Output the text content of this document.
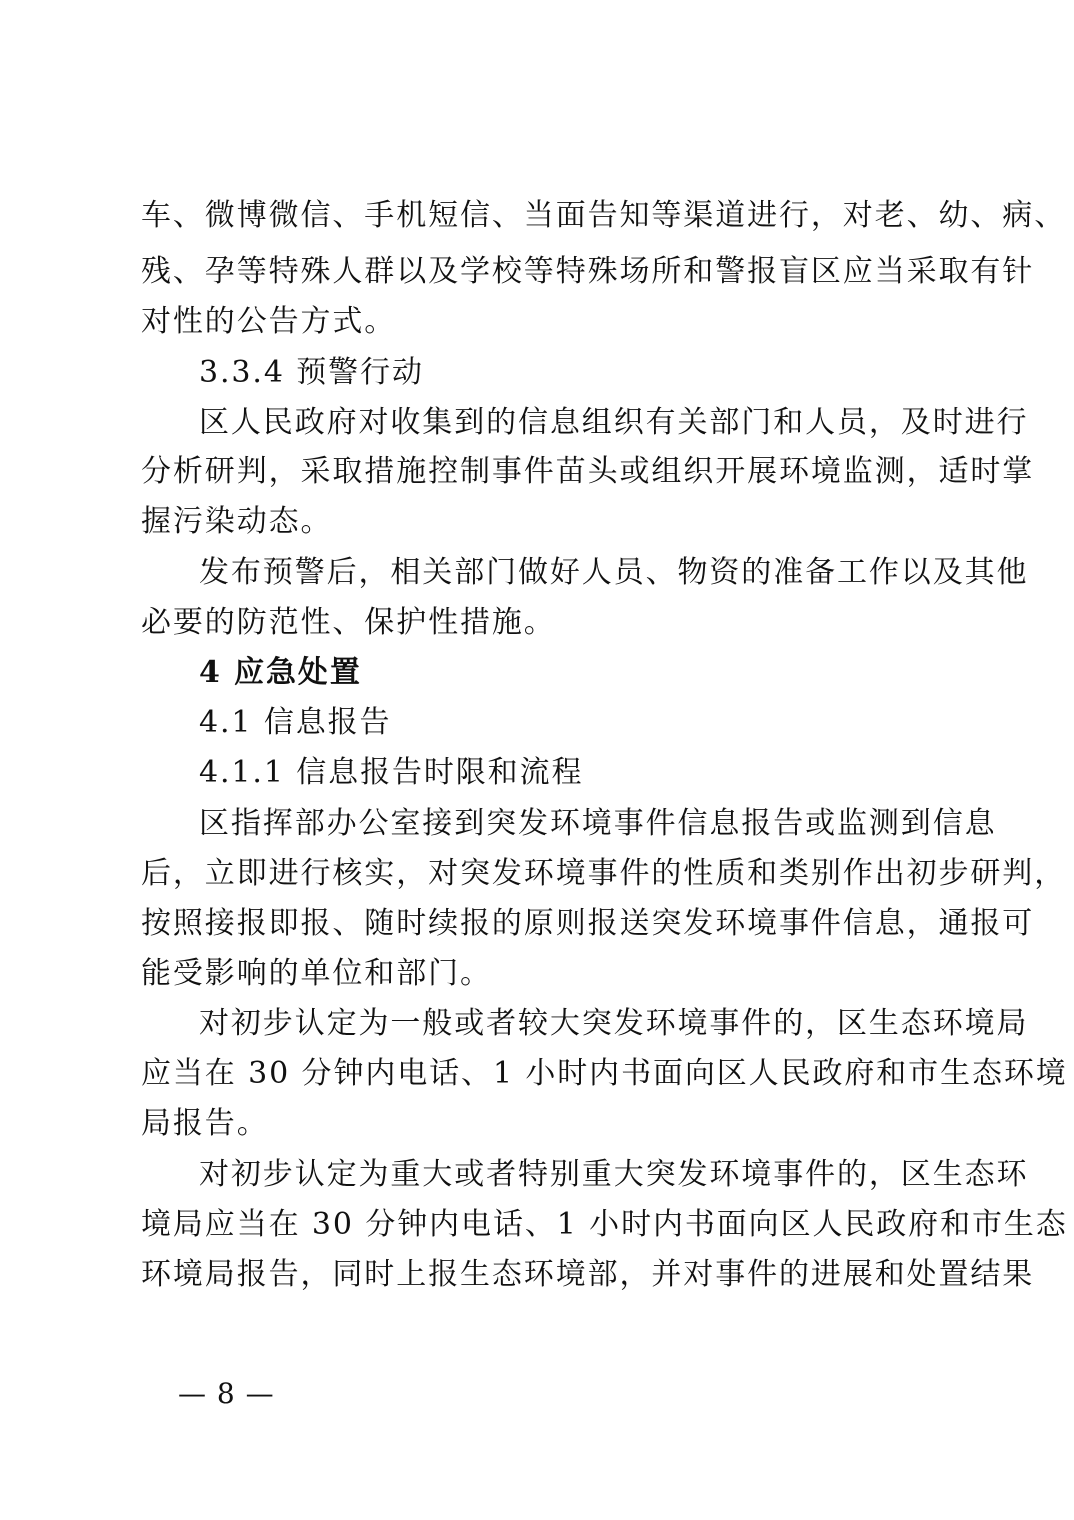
车、微博微信、手机短信、当面告知等渠道进行，对老、幼、病、
残、孕等特殊人群以及学校等特殊场所和警报盲区应当采取有针
对性的公告方式。
3.3.4 预警行动
区人民政府对收集到的信息组织有关部门和人员，及时进行
分析研判，采取措施控制事件苗头或组织开展环境监测，适时掌
握污染动态。
发布预警后，相关部门做好人员、物资的准备工作以及其他
必要的防范性、保护性措施。
4 应急处置
4.1 信息报告
4.1.1 信息报告时限和流程
区指挥部办公室接到突发环境事件信息报告或监测到信息
后，立即进行核实，对突发环境事件的性质和类别作出初步研判，
按照接报即报、随时续报的原则报送突发环境事件信息，通报可
能受影响的单位和部门。
对初步认定为一般或者较大突发环境事件的，区生态环境局
应当在 30 分钟内电话、1 小时内书面向区人民政府和市生态环境
局报告。
对初步认定为重大或者特别重大突发环境事件的，区生态环
境局应当在 30 分钟内电话、1 小时内书面向区人民政府和市生态
环境局报告，同时上报生态环境部，并对事件的进展和处置结果
— 8 —
